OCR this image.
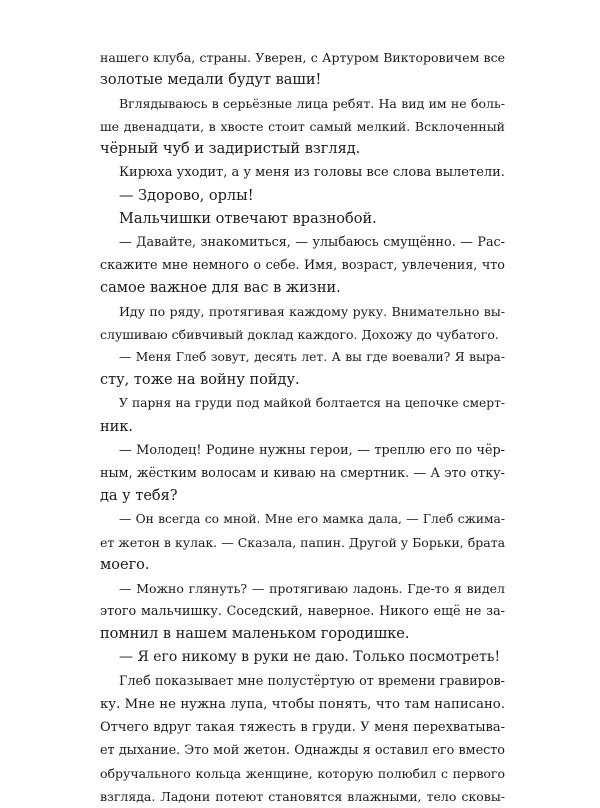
нашего клуба, страны. Уверен, с Артуром Викторовичем все
золотые медали будут ваши!
Вглядываюсь в серьёзные лица ребят. На вид им не боль-
ше двенадцати, в хвосте стоит самый мелкий. Всклоченный
чёрный чуб и задиристый взгляд.
Кирюха уходит, а у меня из головы все слова вылетели.
— Здорово, орлы!
Мальчишки отвечают вразнобой.
— Давайте, знакомиться, — улыбаюсь смущённо. — Рас-
скажите мне немного о себе. Имя, возраст, увлечения, что
самое важное для вас в жизни.
Иду по ряду, протягивая каждому руку. Внимательно вы-
слушиваю сбивчивый доклад каждого. Дохожу до чубатого.
— Меня Глеб зовут, десять лет. А вы где воевали? Я выра-
сту, тоже на войну пойду.
У парня на груди под майкой болтается на цепочке смерт-
ник.
— Молодец! Родине нужны герои, — треплю его по чёр-
ным, жёстким волосам и киваю на смертник. — А это отку-
да у тебя?
— Он всегда со мной. Мне его мамка дала, — Глеб сжима-
ет жетон в кулак. — Сказала, папин. Другой у Борьки, брата
моего.
— Можно глянуть? — протягиваю ладонь. Где-то я видел
этого мальчишку. Соседский, наверное. Никого ещё не за-
помнил в нашем маленьком городишке.
— Я его никому в руки не даю. Только посмотреть!
Глеб показывает мне полустёртую от времени гравиров-
ку. Мне не нужна лупа, чтобы понять, что там написано.
Отчего вдруг такая тяжесть в груди. У меня перехватыва-
ет дыхание. Это мой жетон. Однажды я оставил его вместо
обручального кольца женщине, которую полюбил с первого
взгляда. Ладони потеют становятся влажными, тело сковы-
